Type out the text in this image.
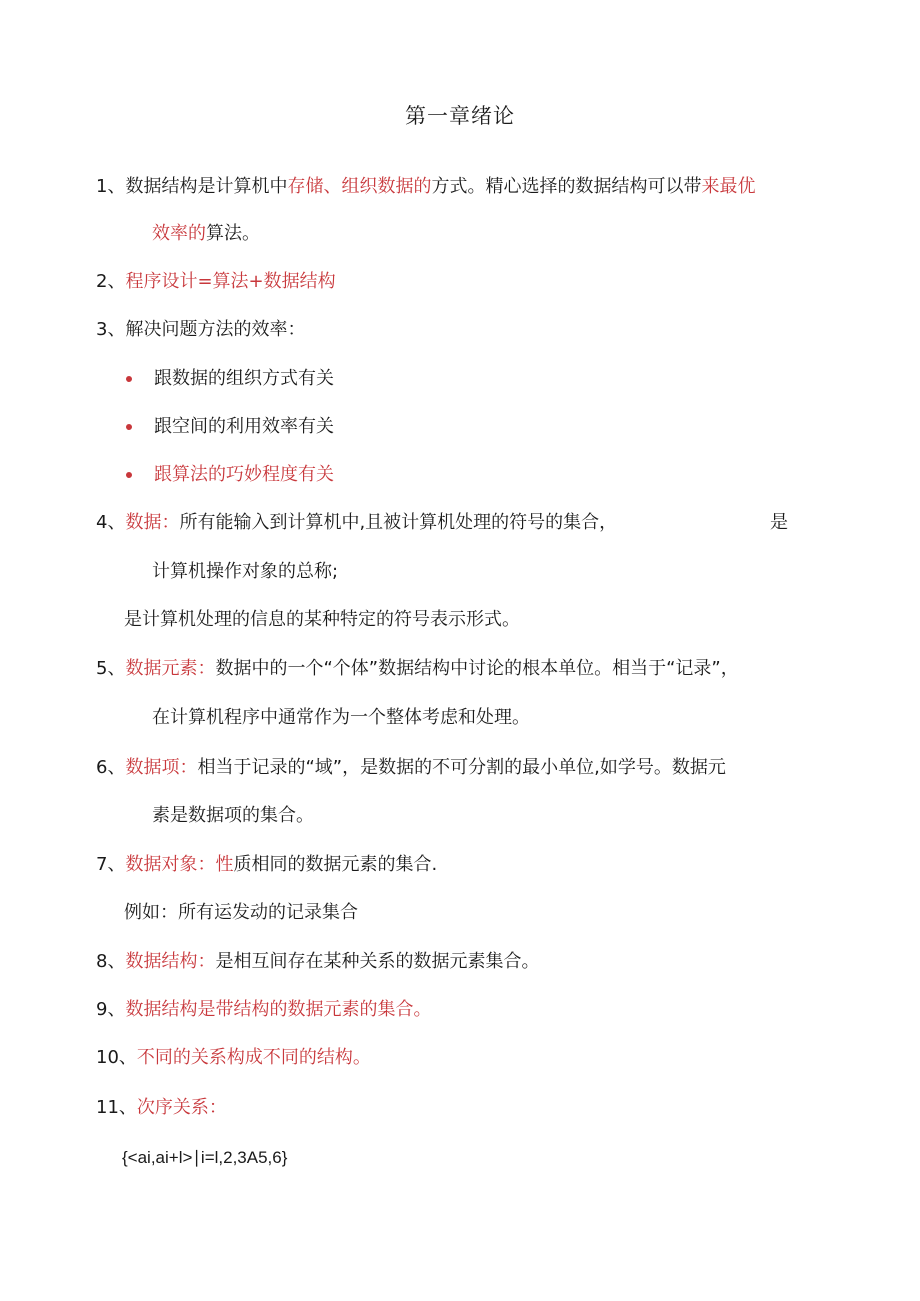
第一章绪论
1、数据结构是计算机中存储、组织数据的方式。精心选择的数据结构可以带来最优
效率的算法。
2、程序设计=算法+数据结构
3、解决问题方法的效率：
跟数据的组织方式有关
跟空间的利用效率有关
跟算法的巧妙程度有关
4、数据：所有能输入到计算机中,且被计算机处理的符号的集合，	是
计算机操作对象的总称;
是计算机处理的信息的某种特定的符号表示形式。
5、数据元素：数据中的一个“个体”数据结构中讨论的根本单位。相当于“记录”，
在计算机程序中通常作为一个整体考虑和处理。
6、数据项：相当于记录的“域”，是数据的不可分割的最小单位,如学号。数据元
素是数据项的集合。
7、数据对象：性质相同的数据元素的集合.
例如：所有运发动的记录集合
8、数据结构：是相互间存在某种关系的数据元素集合。
9、数据结构是带结构的数据元素的集合。
10、不同的关系构成不同的结构。
11、次序关系：
{<ai,ai+l>∣i=l,2,3A5,6}
